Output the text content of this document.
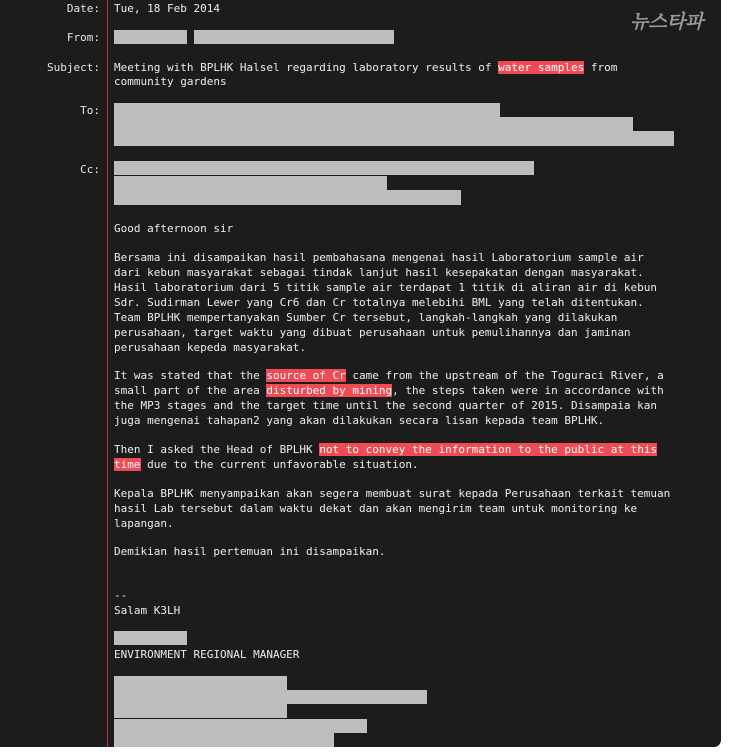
뉴스타파
Date: Tue, 18 Feb 2014
From:
Subject: Meeting with BPLHK Halsel regarding laboratory results of water samples from
community gardens
To:
Cc:
Good afternoon sir
Bersama ini disampaikan hasil pembahasana mengenai hasil Laboratorium sample air
dari kebun masyarakat sebagai tindak lanjut hasil kesepakatan dengan masyarakat.
Hasil laboratorium dari 5 titik sample air terdapat 1 titik di aliran air di kebun
Sdr. Sudirman Lewer yang Cr6 dan Cr totalnya melebihi BML yang telah ditentukan.
Team BPLHK mempertanyakan Sumber Cr tersebut, langkah-langkah yang dilakukan
perusahaan, target waktu yang dibuat perusahaan untuk pemulihannya dan jaminan
perusahaan kepeda masyarakat.
It was stated that the source of Cr came from the upstream of the Toguraci River, a
small part of the area disturbed by mining, the steps taken were in accordance with
the MP3 stages and the target time until the second quarter of 2015. Disampaia kan
juga mengenai tahapan2 yang akan dilakukan secara lisan kepada team BPLHK.
Then I asked the Head of BPLHK not to convey the information to the public at this
time due to the current unfavorable situation.
Kepala BPLHK menyampaikan akan segera membuat surat kepada Perusahaan terkait temuan
hasil Lab tersebut dalam waktu dekat dan akan mengirim team untuk monitoring ke
lapangan.
Demikian hasil pertemuan ini disampaikan.
--
Salam K3LH
ENVIRONMENT REGIONAL MANAGER
